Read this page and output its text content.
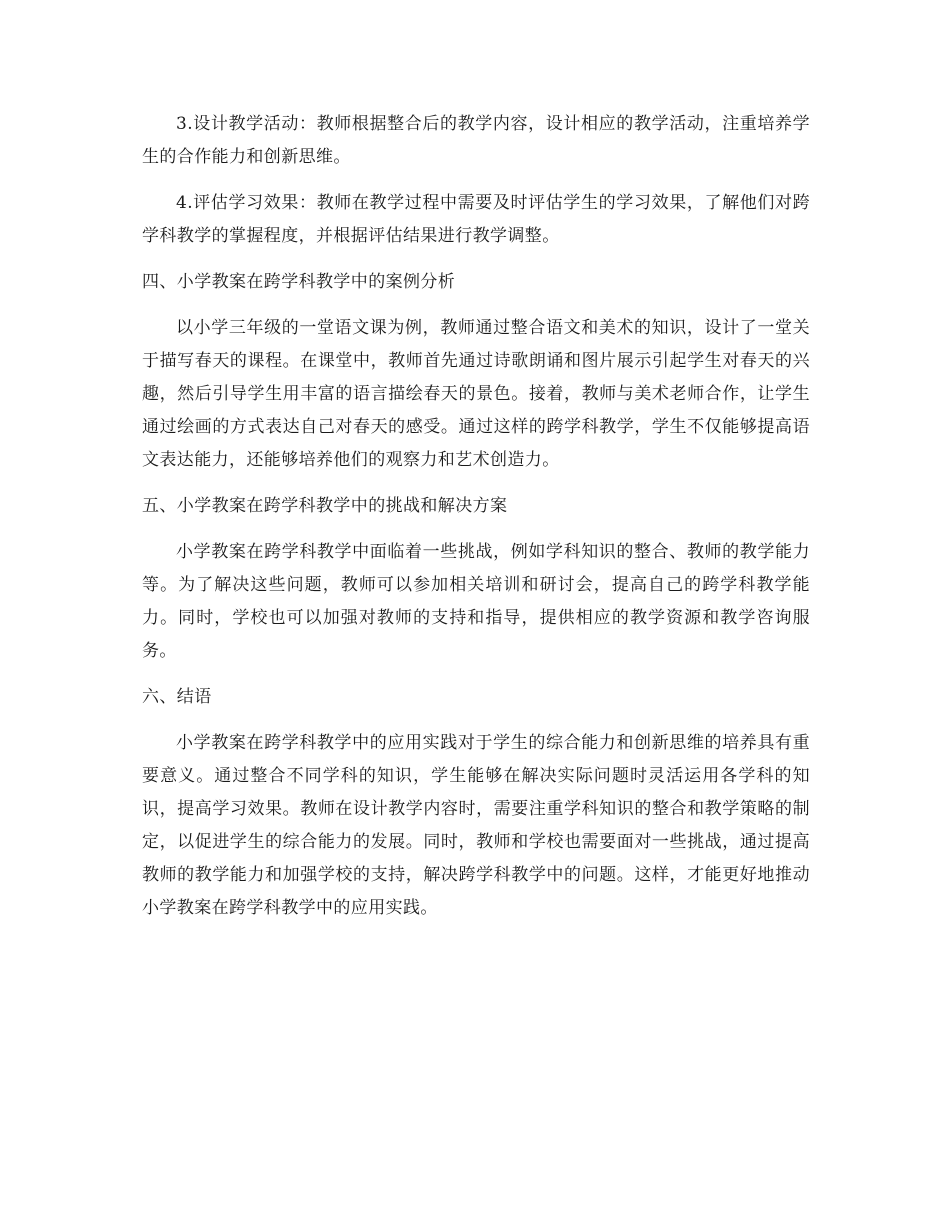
3.设计教学活动：教师根据整合后的教学内容，设计相应的教学活动，注重培养学生的合作能力和创新思维。

4.评估学习效果：教师在教学过程中需要及时评估学生的学习效果，了解他们对跨学科教学的掌握程度，并根据评估结果进行教学调整。

四、小学教案在跨学科教学中的案例分析

以小学三年级的一堂语文课为例，教师通过整合语文和美术的知识，设计了一堂关于描写春天的课程。在课堂中，教师首先通过诗歌朗诵和图片展示引起学生对春天的兴趣，然后引导学生用丰富的语言描绘春天的景色。接着，教师与美术老师合作，让学生通过绘画的方式表达自己对春天的感受。通过这样的跨学科教学，学生不仅能够提高语文表达能力，还能够培养他们的观察力和艺术创造力。

五、小学教案在跨学科教学中的挑战和解决方案

小学教案在跨学科教学中面临着一些挑战，例如学科知识的整合、教师的教学能力等。为了解决这些问题，教师可以参加相关培训和研讨会，提高自己的跨学科教学能力。同时，学校也可以加强对教师的支持和指导，提供相应的教学资源和教学咨询服务。

六、结语

小学教案在跨学科教学中的应用实践对于学生的综合能力和创新思维的培养具有重要意义。通过整合不同学科的知识，学生能够在解决实际问题时灵活运用各学科的知识，提高学习效果。教师在设计教学内容时，需要注重学科知识的整合和教学策略的制定，以促进学生的综合能力的发展。同时，教师和学校也需要面对一些挑战，通过提高教师的教学能力和加强学校的支持，解决跨学科教学中的问题。这样，才能更好地推动小学教案在跨学科教学中的应用实践。
